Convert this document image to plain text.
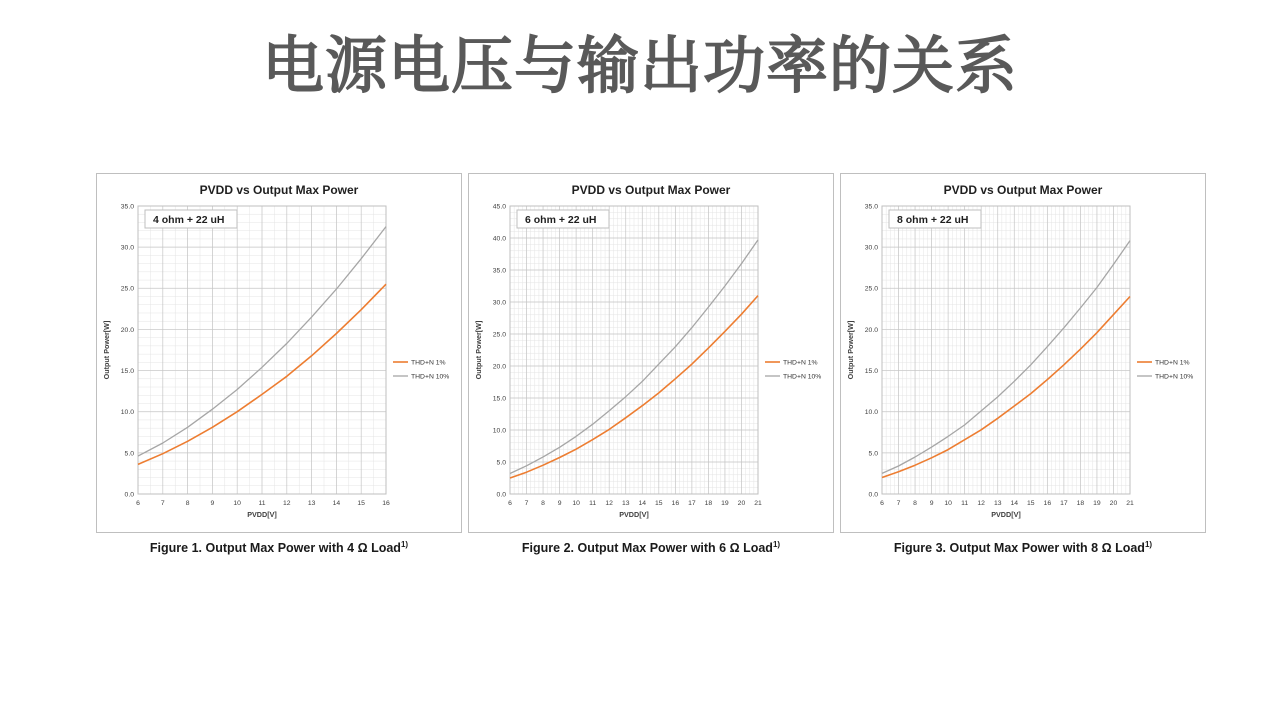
电源电压与输出功率的关系
PVDD vs Output Max Power
0.0
5.0
10.0
15.0
20.0
25.0
30.0
35.0
6	7	8	9	10	11	12	13	14	15	16
PVDD[V]
Output Power[W]
4 ohm + 22 uH
THD+N 1%
THD+N 10%
Figure 1. Output Max Power with 4 Ω Load$^{1)}$
PVDD vs Output Max Power
0.0
5.0
10.0
15.0
20.0
25.0
30.0
35.0
40.0
45.0
6 7 8 9 10 11 12 13 14 15 16 17 18 19 20 21
PVDD[V]
Output Power[W]
6 ohm + 22 uH
THD+N 1%
THD+N 10%
Figure 2. Output Max Power with 6 Ω Load$^{1)}$
PVDD vs Output Max Power
0.0
5.0
10.0
15.0
20.0
25.0
30.0
35.0
6 7 8 9 10 11 12 13 14 15 16 17 18 19 20 21
PVDD[V]
Output Power[W]
8 ohm + 22 uH
THD+N 1%
THD+N 10%
Figure 3. Output Max Power with 8 Ω Load$^{1)}$
